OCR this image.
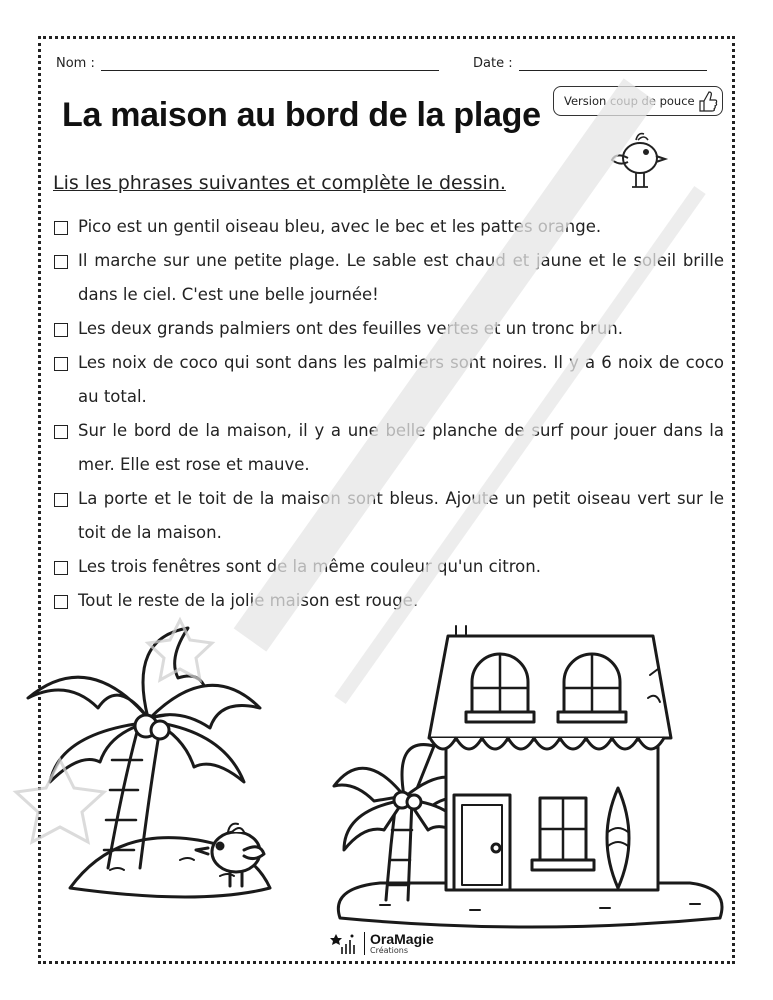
Nom :	Date :
La maison au bord de la plage	Version coup de pouce
Lis les phrases suivantes et complète le dessin.
Pico est un gentil oiseau bleu, avec le bec et les pattes orange.
Il marche sur une petite plage. Le sable est chaud et jaune et le soleil brille dans le ciel. C'est une belle journée!
Les deux grands palmiers ont des feuilles vertes et un tronc brun.
Les noix de coco qui sont dans les palmiers sont noires. Il y a 6 noix de coco au total.
Sur le bord de la maison, il y a une belle planche de surf pour jouer dans la mer. Elle est rose et mauve.
La porte et le toit de la maison sont bleus. Ajoute un petit oiseau vert sur le toit de la maison.
Les trois fenêtres sont de la même couleur qu'un citron.
Tout le reste de la jolie maison est rouge.
OraMagie
Créations
